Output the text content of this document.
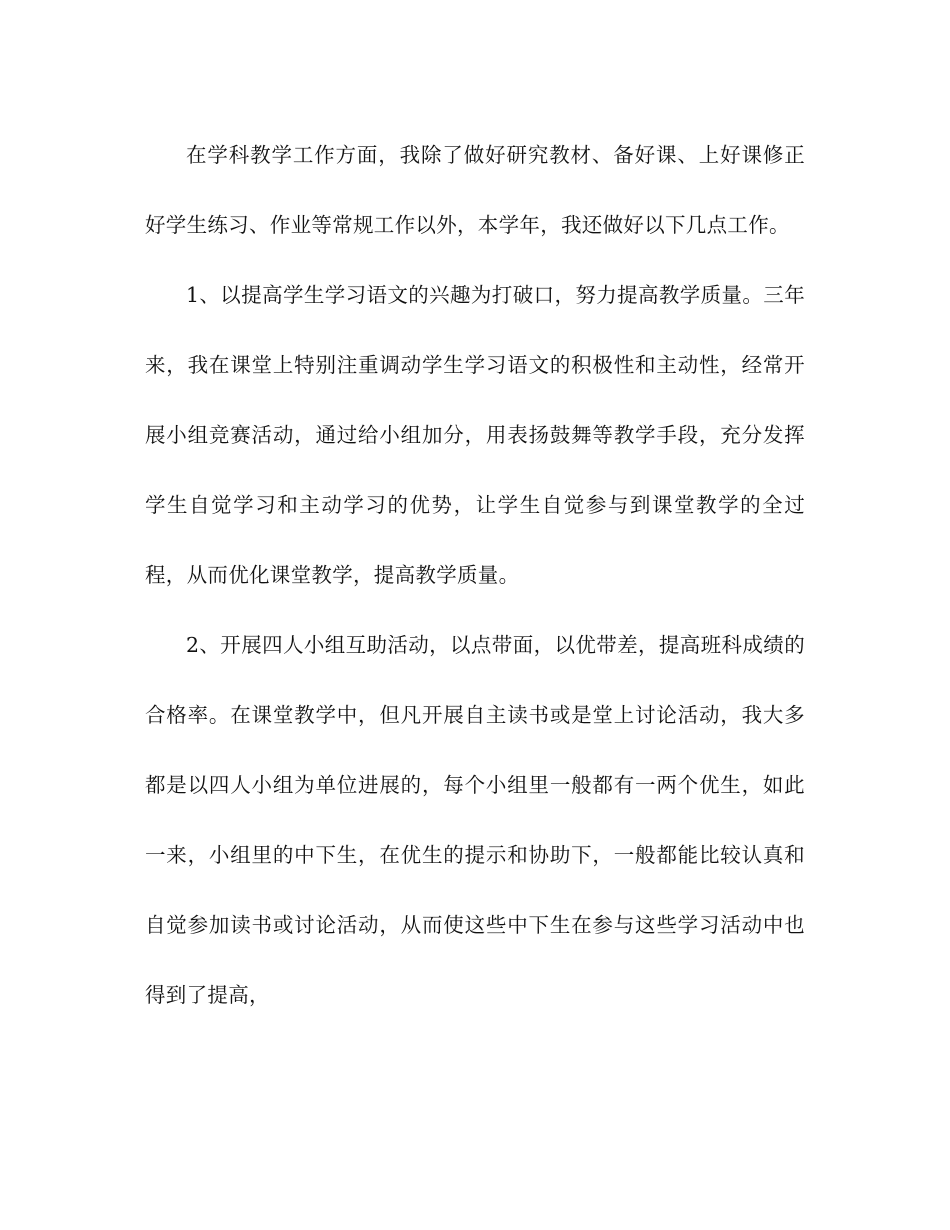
在学科教学工作方面，我除了做好研究教材、备好课、上好课修正好学生练习、作业等常规工作以外，本学年，我还做好以下几点工作。

1、以提高学生学习语文的兴趣为打破口，努力提高教学质量。三年来，我在课堂上特别注重调动学生学习语文的积极性和主动性，经常开展小组竞赛活动，通过给小组加分，用表扬鼓舞等教学手段，充分发挥学生自觉学习和主动学习的优势，让学生自觉参与到课堂教学的全过程，从而优化课堂教学，提高教学质量。

2、开展四人小组互助活动，以点带面，以优带差，提高班科成绩的合格率。在课堂教学中，但凡开展自主读书或是堂上讨论活动，我大多都是以四人小组为单位进展的，每个小组里一般都有一两个优生，如此一来，小组里的中下生，在优生的提示和协助下，一般都能比较认真和自觉参加读书或讨论活动，从而使这些中下生在参与这些学习活动中也得到了提高，
